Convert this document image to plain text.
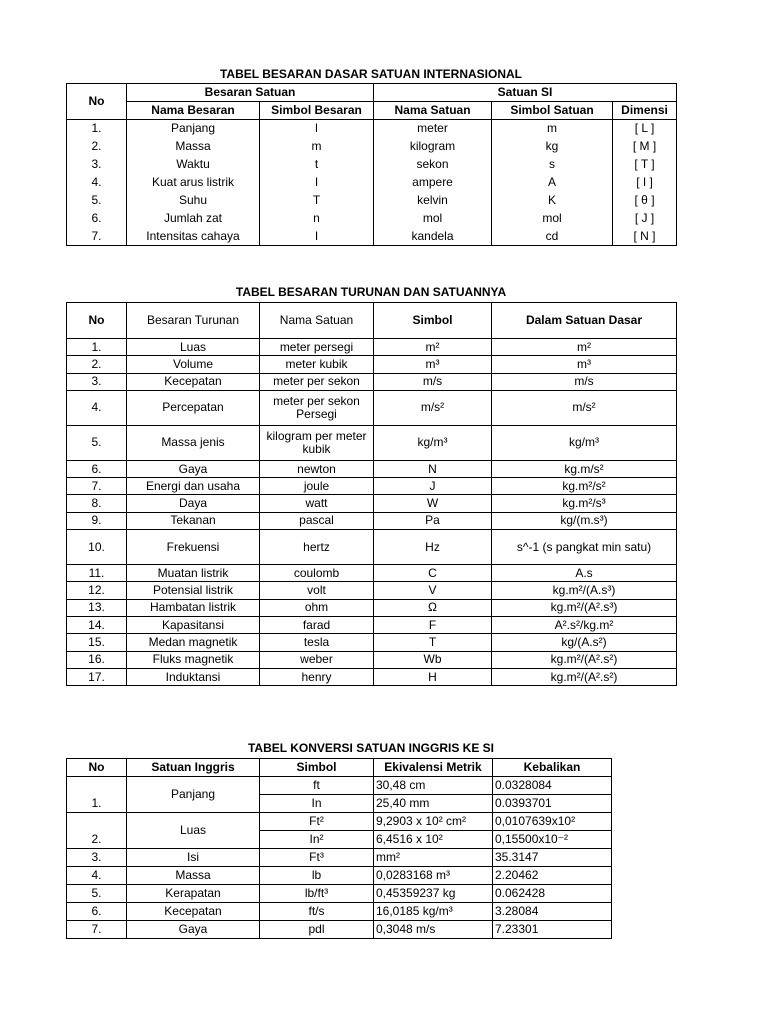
TABEL BESARAN DASAR SATUAN INTERNASIONAL
No	Besaran Satuan		Satuan SI		
	Nama Besaran	Simbol Besaran	Nama Satuan	Simbol Satuan	Dimensi
1.	Panjang	l	meter	m	[ L ]
2.	Massa	m	kilogram	kg	[ M ]
3.	Waktu	t	sekon	s	[ T ]
4.	Kuat arus listrik	I	ampere	A	[ I ]
5.	Suhu	T	kelvin	K	[ θ ]
6.	Jumlah zat	n	mol	mol	[ J ]
7.	Intensitas cahaya	I	kandela	cd	[ N ]
TABEL BESARAN TURUNAN DAN SATUANNYA
No	Besaran Turunan	Nama Satuan	Simbol	Dalam Satuan Dasar
1.	Luas	meter persegi	m²	m²
2.	Volume	meter kubik	m³	m³
3.	Kecepatan	meter per sekon	m/s	m/s
4.	Percepatan	meter per sekon Persegi	m/s²	m/s²
5.	Massa jenis	kilogram per meter kubik	kg/m³	kg/m³
6.	Gaya	newton	N	kg.m/s²
7.	Energi dan usaha	joule	J	kg.m²/s²
8.	Daya	watt	W	kg.m²/s³
9.	Tekanan	pascal	Pa	kg/(m.s³)
10.	Frekuensi	hertz	Hz	s^-1 (s pangkat min satu)
11.	Muatan listrik	coulomb	C	A.s
12.	Potensial listrik	volt	V	kg.m²/(A.s³)
13.	Hambatan listrik	ohm	Ω	kg.m²/(A².s³)
14.	Kapasitansi	farad	F	A².s²/kg.m²
15.	Medan magnetik	tesla	T	kg/(A.s²)
16.	Fluks magnetik	weber	Wb	kg.m²/(A².s²)
17.	Induktansi	henry	H	kg.m²/(A².s²)
TABEL KONVERSI SATUAN INGGRIS KE SI
No	Satuan Inggris	Simbol	Ekivalensi Metrik	Kebalikan
	Panjang	ft	30,48 cm	0.0328084
1.		In	25,40 mm	0.0393701
	Luas	Ft²	9,2903 x 10² cm²	0,0107639x10²
2.		In²	6,4516 x 10²	0,15500x10⁻²
3.	Isi	Ft³	mm²	35.3147
4.	Massa	lb	0,0283168 m³	2.20462
5.	Kerapatan	lb/ft³	0,45359237 kg	0.062428
6.	Kecepatan	ft/s	16,0185 kg/m³	3.28084
7.	Gaya	pdl	0,3048 m/s	7.23301
